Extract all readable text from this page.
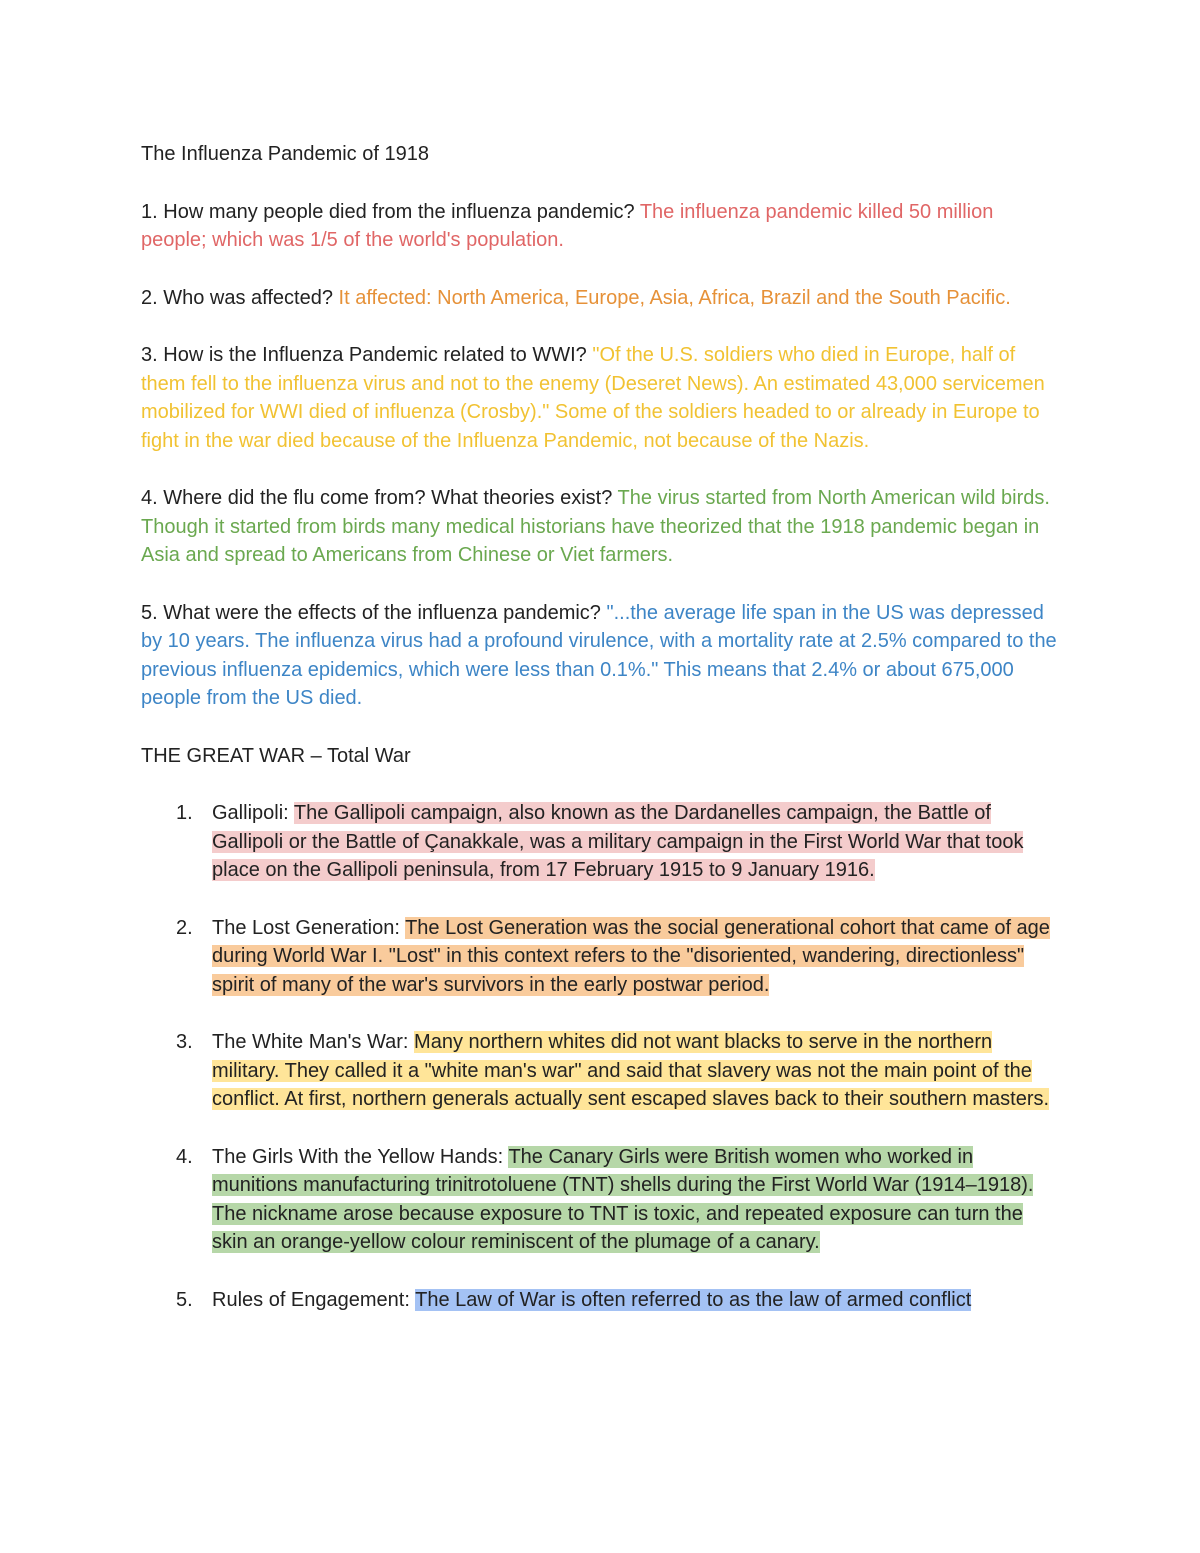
The Influenza Pandemic of 1918

1. How many people died from the influenza pandemic? The influenza pandemic killed 50 million people; which was 1/5 of the world's population.

2. Who was affected? It affected: North America, Europe, Asia, Africa, Brazil and the South Pacific.

3. How is the Influenza Pandemic related to WWI? "Of the U.S. soldiers who died in Europe, half of them fell to the influenza virus and not to the enemy (Deseret News). An estimated 43,000 servicemen mobilized for WWI died of influenza (Crosby)." Some of the soldiers headed to or already in Europe to fight in the war died because of the Influenza Pandemic, not because of the Nazis.

4. Where did the flu come from? What theories exist? The virus started from North American wild birds. Though it started from birds many medical historians have theorized that the 1918 pandemic began in Asia and spread to Americans from Chinese or Viet farmers.

5. What were the effects of the influenza pandemic? "...the average life span in the US was depressed by 10 years. The influenza virus had a profound virulence, with a mortality rate at 2.5% compared to the previous influenza epidemics, which were less than 0.1%." This means that 2.4% or about 675,000 people from the US died.

THE GREAT WAR – Total War

1. Gallipoli: The Gallipoli campaign, also known as the Dardanelles campaign, the Battle of Gallipoli or the Battle of Çanakkale, was a military campaign in the First World War that took place on the Gallipoli peninsula, from 17 February 1915 to 9 January 1916.
2. The Lost Generation: The Lost Generation was the social generational cohort that came of age during World War I. "Lost" in this context refers to the "disoriented, wandering, directionless" spirit of many of the war's survivors in the early postwar period.
3. The White Man's War: Many northern whites did not want blacks to serve in the northern military. They called it a "white man's war" and said that slavery was not the main point of the conflict. At first, northern generals actually sent escaped slaves back to their southern masters.
4. The Girls With the Yellow Hands: The Canary Girls were British women who worked in munitions manufacturing trinitrotoluene (TNT) shells during the First World War (1914–1918). The nickname arose because exposure to TNT is toxic, and repeated exposure can turn the skin an orange-yellow colour reminiscent of the plumage of a canary.
5. Rules of Engagement: The Law of War is often referred to as the law of armed conflict
